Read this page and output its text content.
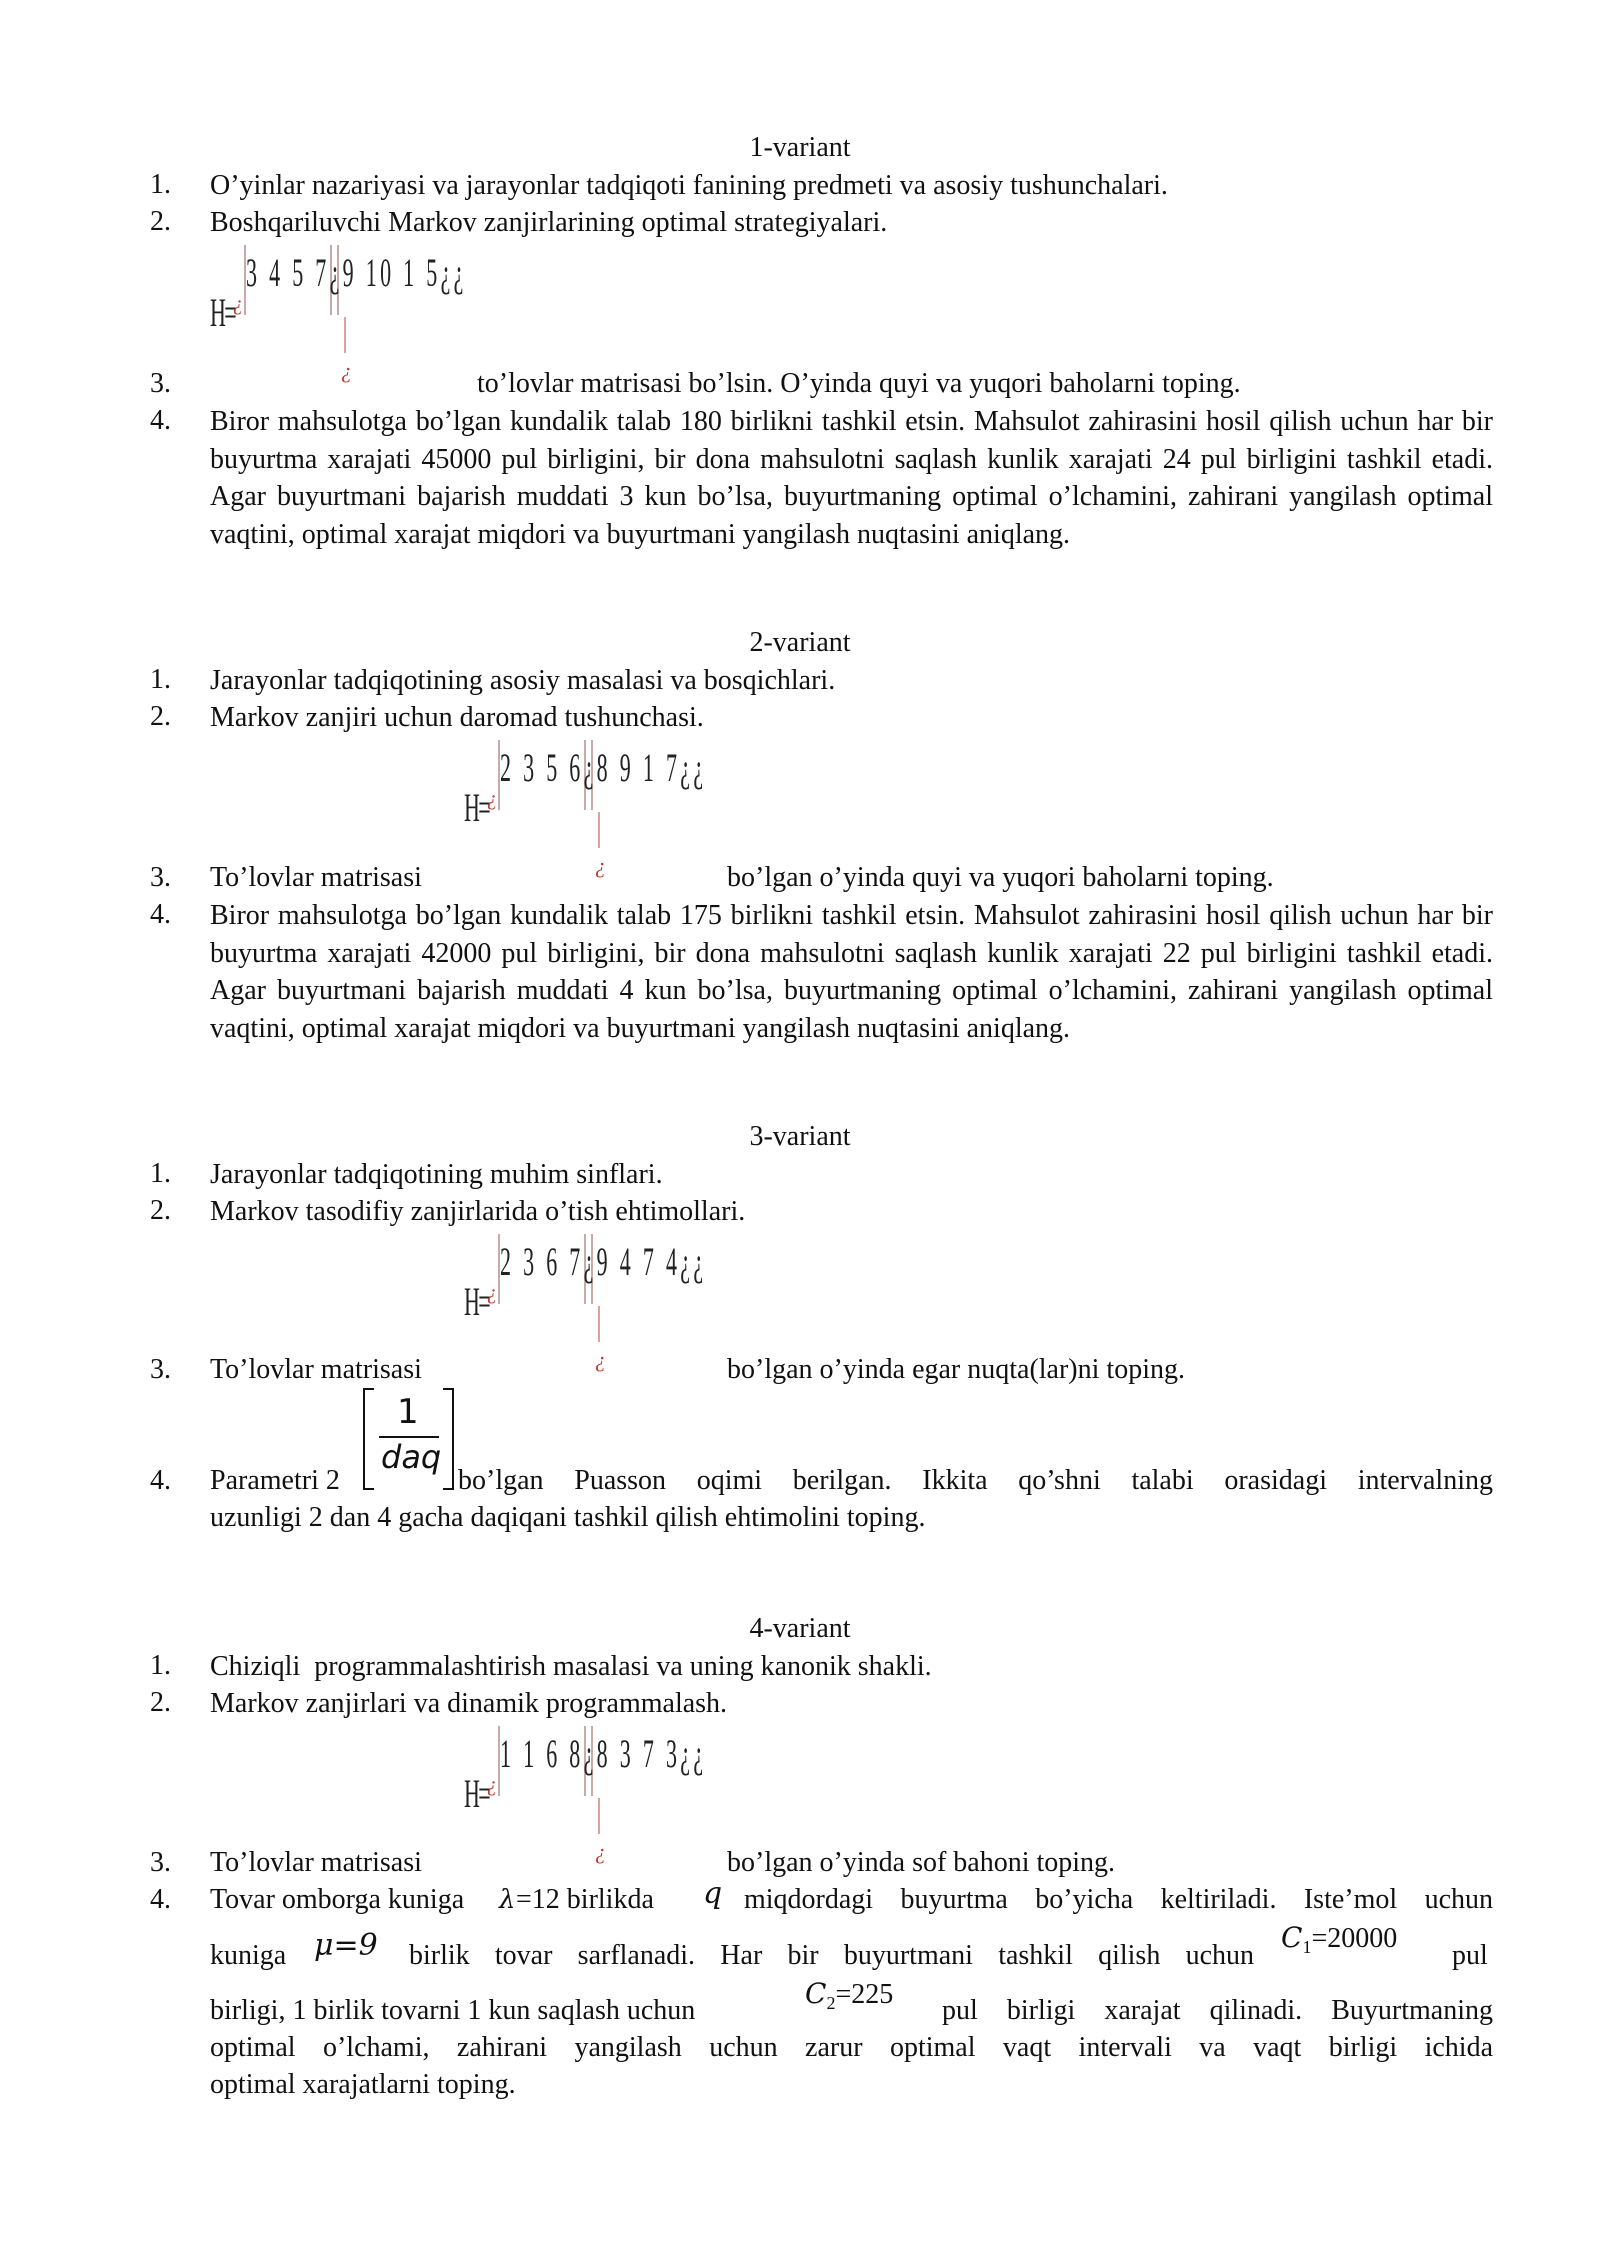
1-variant
1.	O’yinlar nazariyasi va jarayonlar tadqiqoti fanining predmeti va asosiy tushunchalari.
2.	Boshqariluvchi Markov zanjirlarining optimal strategiyalari.
H=
¿
3 4 5 7¿9 10 1 5¿¿
¿
3.	to’lovlar matrisasi bo’lsin. O’yinda quyi va yuqori baholarni toping.
4.	Biror mahsulotga bo’lgan kundalik talab 180 birlikni tashkil etsin. Mahsulot zahirasini hosil qilish uchun har bir buyurtma xarajati 45000 pul birligini, bir dona mahsulotni saqlash kunlik xarajati 24 pul birligini tashkil etadi. Agar buyurtmani bajarish muddati 3 kun bo’lsa, buyurtmaning optimal o’lchamini, zahirani yangilash optimal vaqtini, optimal xarajat miqdori va buyurtmani yangilash nuqtasini aniqlang.
2-variant
1.	Jarayonlar tadqiqotining asosiy masalasi va bosqichlari.
2.	Markov zanjiri uchun daromad tushunchasi.
H=
¿
2 3 5 6¿8 9 1 7¿¿
¿
3.	To’lovlar matrisasi	bo’lgan o’yinda quyi va yuqori baholarni toping.
4.	Biror mahsulotga bo’lgan kundalik talab 175 birlikni tashkil etsin. Mahsulot zahirasini hosil qilish uchun har bir buyurtma xarajati 42000 pul birligini, bir dona mahsulotni saqlash kunlik xarajati 22 pul birligini tashkil etadi. Agar buyurtmani bajarish muddati 4 kun bo’lsa, buyurtmaning optimal o’lchamini, zahirani yangilash optimal vaqtini, optimal xarajat miqdori va buyurtmani yangilash nuqtasini aniqlang.
3-variant
1.	Jarayonlar tadqiqotining muhim sinflari.
2.	Markov tasodifiy zanjirlarida o’tish ehtimollari.
H=
¿
2 3 6 7¿9 4 7 4¿¿
¿
3.	To’lovlar matrisasi	bo’lgan o’yinda egar nuqta(lar)ni toping.
4.	Parametri 2
1
daq
bo’lgan Puasson oqimi berilgan. Ikkita qo’shni talabi orasidagi intervalning
uzunligi 2 dan 4 gacha daqiqani tashkil qilish ehtimolini toping.
4-variant
1.	Chiziqli  programmalashtirish masalasi va uning kanonik shakli.
2.	Markov zanjirlari va dinamik programmalash.
H=
¿
1 1 6 8¿8 3 7 3¿¿
¿
3.	To’lovlar matrisasi	bo’lgan o’yinda sof bahoni toping.
4.	Tovar omborga kuniga λ =12 birlikda q miqdordagi buyurtma bo’yicha keltiriladi. Iste’mol uchun
kuniga μ=9 birlik tovar sarflanadi. Har bir buyurtmani tashkil qilish uchun
$C_1=20000$
pul
birligi, 1 birlik tovarni 1 kun saqlash uchun
$C_2=225$
pul birligi xarajat qilinadi. Buyurtmaning
optimal o’lchami, zahirani yangilash uchun zarur optimal vaqt intervali va vaqt birligi ichida
optimal xarajatlarni toping.
